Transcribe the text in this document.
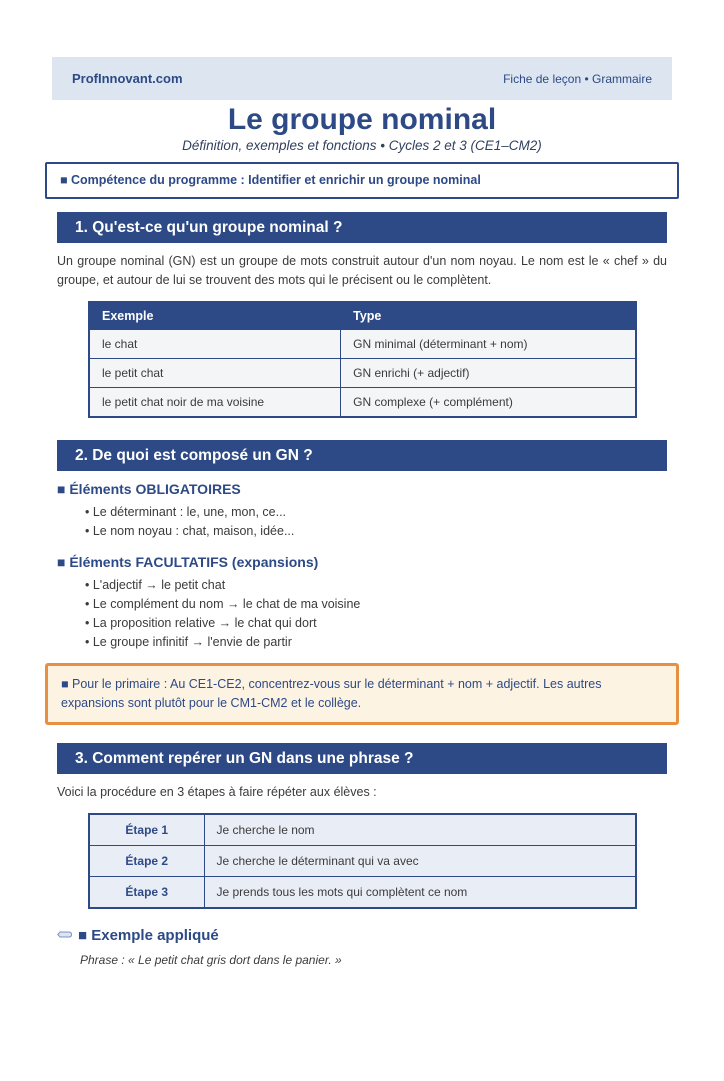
ProfInnovant.com	Fiche de leçon • Grammaire
Le groupe nominal
Définition, exemples et fonctions • Cycles 2 et 3 (CE1–CM2)
■ Compétence du programme : Identifier et enrichir un groupe nominal
1. Qu'est-ce qu'un groupe nominal ?
Un groupe nominal (GN) est un groupe de mots construit autour d'un nom noyau. Le nom est le « chef » du groupe, et autour de lui se trouvent des mots qui le précisent ou le complètent.
Exemple	Type
le chat	GN minimal (déterminant + nom)
le petit chat	GN enrichi (+ adjectif)
le petit chat noir de ma voisine	GN complexe (+ complément)
2. De quoi est composé un GN ?
■ Éléments OBLIGATOIRES
• Le déterminant : le, une, mon, ce...
• Le nom noyau : chat, maison, idée...
■ Éléments FACULTATIFS (expansions)
• L'adjectif → le petit chat
• Le complément du nom → le chat de ma voisine
• La proposition relative → le chat qui dort
• Le groupe infinitif → l'envie de partir
■ Pour le primaire : Au CE1-CE2, concentrez-vous sur le déterminant + nom + adjectif. Les autres expansions sont plutôt pour le CM1-CM2 et le collège.
3. Comment repérer un GN dans une phrase ?
Voici la procédure en 3 étapes à faire répéter aux élèves :
Étape 1	Je cherche le nom
Étape 2	Je cherche le déterminant qui va avec
Étape 3	Je prends tous les mots qui complètent ce nom
■ Exemple appliqué
Phrase : « Le petit chat gris dort dans le panier. »
